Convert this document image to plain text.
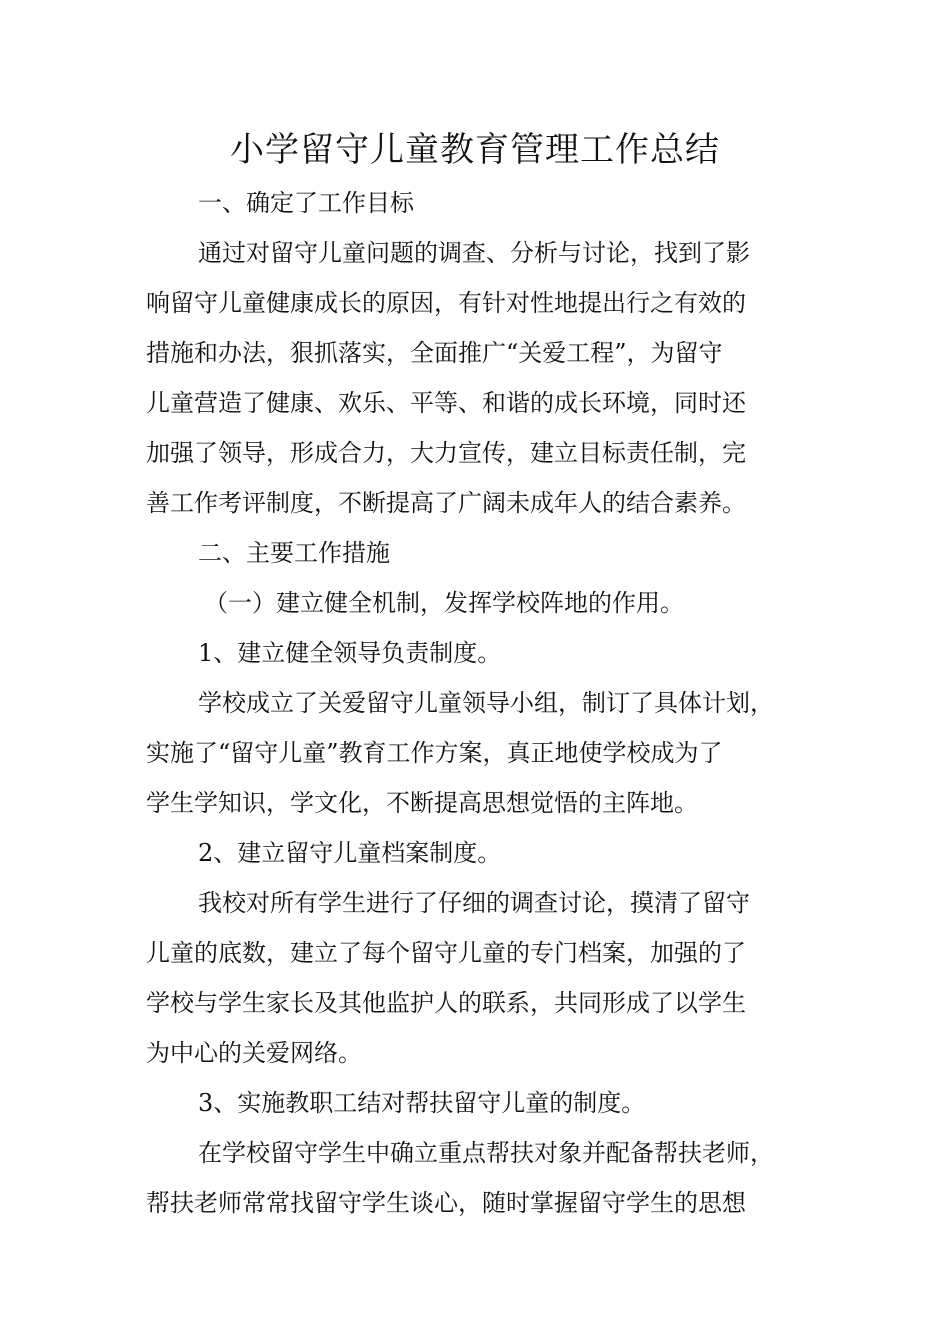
小学留守儿童教育管理工作总结
一、确定了工作目标
通过对留守儿童问题的调查、分析与讨论，找到了影
响留守儿童健康成长的原因，有针对性地提出行之有效的
措施和办法，狠抓落实，全面推广“关爱工程”，为留守
儿童营造了健康、欢乐、平等、和谐的成长环境，同时还
加强了领导，形成合力，大力宣传，建立目标责任制，完
善工作考评制度，不断提高了广阔未成年人的结合素养。
二、主要工作措施
（一）建立健全机制，发挥学校阵地的作用。
1、建立健全领导负责制度。
学校成立了关爱留守儿童领导小组，制订了具体计划，
实施了“留守儿童”教育工作方案，真正地使学校成为了
学生学知识，学文化，不断提高思想觉悟的主阵地。
2、建立留守儿童档案制度。
我校对所有学生进行了仔细的调查讨论，摸清了留守
儿童的底数，建立了每个留守儿童的专门档案，加强的了
学校与学生家长及其他监护人的联系，共同形成了以学生
为中心的关爱网络。
3、实施教职工结对帮扶留守儿童的制度。
在学校留守学生中确立重点帮扶对象并配备帮扶老师，
帮扶老师常常找留守学生谈心，随时掌握留守学生的思想
